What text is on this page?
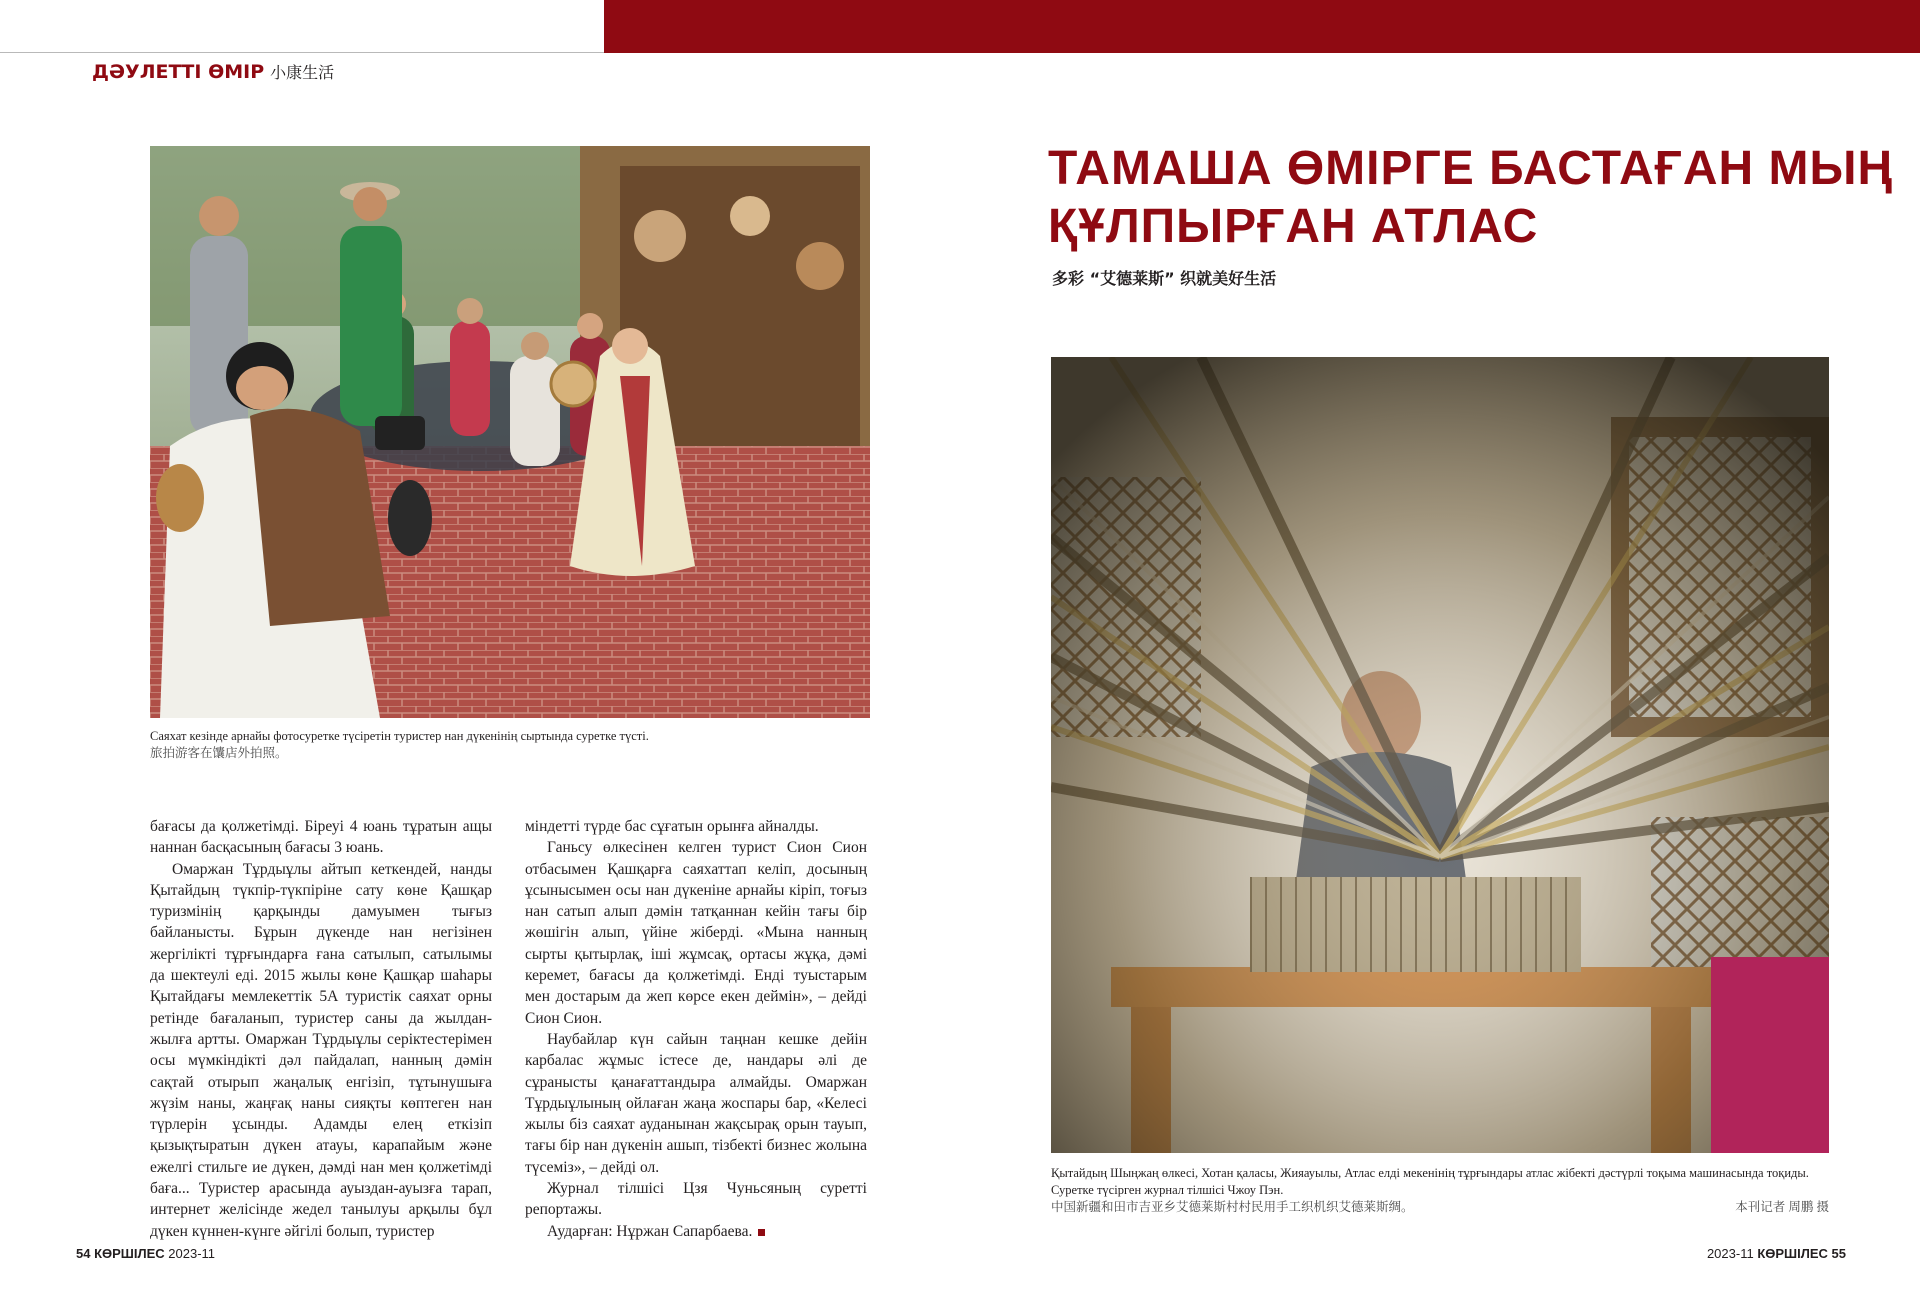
ДӘУЛЕТТІ ӨМІР 小康生活
Саяхат кезінде арнайы фотосуретке түсіретін туристер нан дүкенінің сыртында суретке түсті.
旅拍游客在馕店外拍照。

бағасы да қолжетімді. Біреуі 4 юань тұратын ащы наннан басқасының бағасы 3 юань.

Омаржан Тұрдыұлы айтып кеткендей, нанды Қытайдың түкпір-түкпіріне сату көне Қашқар туризмінің қарқынды дамуымен тығыз байланысты. Бұрын дүкенде нан негізінен жергілікті тұрғындарға ғана сатылып, сатылымы да шектеулі еді. 2015 жылы көне Қашқар шаһары Қытайдағы мемлекеттік 5А туристік саяхат орны ретінде бағаланып, туристер саны да жылдан-жылға артты. Омаржан Тұрдыұлы серіктестерімен осы мүмкіндікті дәл пайдалап, нанның дәмін сақтай отырып жаңалық енгізіп, тұтынушыға жүзім наны, жаңғақ наны сияқты көптеген нан түрлерін ұсынды. Адамды елең еткізіп қызықтыратын дүкен атауы, карапайым және ежелгі стильге ие дүкен, дәмді нан мен қолжетімді баға... Туристер арасында ауыздан-ауызға тарап, интернет желісінде жедел танылуы арқылы бұл дүкен күннен-күнге әйгілі болып, туристер

міндетті түрде бас сұғатын орынға айналды.

Ганьсу өлкесінен келген турист Сион Сион отбасымен Қашқарға саяхаттап келіп, досының ұсынысымен осы нан дүкеніне арнайы кіріп, тоғыз нан сатып алып дәмін татқаннан кейін тағы бір жөшігін алып, үйіне жіберді. «Мына нанның сырты қытырлақ, іші жұмсақ, ортасы жұқа, дәмі керемет, бағасы да қолжетімді. Енді туыстарым мен достарым да жеп көрсе екен деймін», – дейді Сион Сион.

Наубайлар күн сайын таңнан кешке дейін карбалас жұмыс істесе де, нандары әлі де сұранысты қанағаттандыра алмайды. Омаржан Тұрдыұлының ойлаған жаңа жоспары бар, «Келесі жылы біз саяхат ауданынан жақсырақ орын тауып, тағы бір нан дүкенін ашып, тізбекті бизнес жолына түсеміз», – дейді ол.

Журнал тілшісі Цзя Чуньсяның суретті репортажы.

Аударған: Нұржан Сапарбаева.

ТАМАША ӨМІРГЕ БАСТАҒАН МЫҢ
ҚҰЛПЫРҒАН АТЛАС
多彩 “艾德莱斯” 织就美好生活
Қытайдың Шыңжаң өлкесі, Хотан қаласы, Жияауылы, Атлас елді мекенінің тұрғындары атлас жібекті дәстүрлі тоқыма машинасында тоқиды.
Суретке түсірген журнал тілшісі Чжоу Пэн.
中国新疆和田市吉亚乡艾德莱斯村村民用手工织机织艾德莱斯绸。	本刊记者 周鹏 摄
54 КӨРШІЛЕС 2023-11	2023-11 КӨРШІЛЕС 55
